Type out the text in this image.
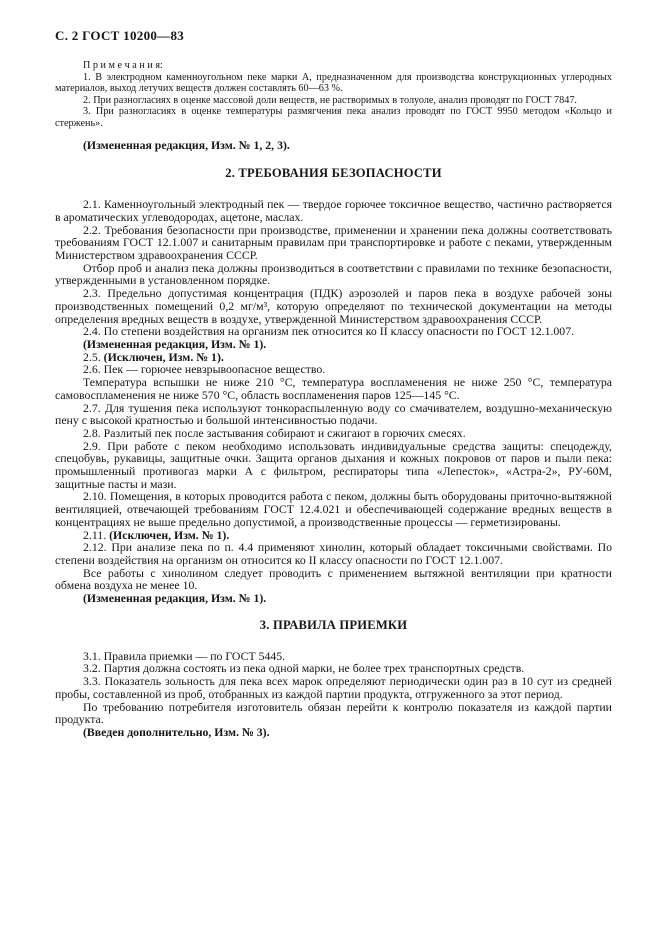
С. 2 ГОСТ 10200—83

П р и м е ч а н и я:

1. В электродном каменноугольном пеке марки А, предназначенном для производства конструкционных углеродных материалов, выход летучих веществ должен составлять 60—63 %.

2. При разногласиях в оценке массовой доли веществ, не растворимых в толуоле, анализ проводят по ГОСТ 7847.

3. При разногласиях в оценке температуры размягчения пека анализ проводят по ГОСТ 9950 методом «Кольцо и стержень».

(Измененная редакция, Изм. № 1, 2, 3).

2. ТРЕБОВАНИЯ БЕЗОПАСНОСТИ

2.1. Каменноугольный электродный пек — твердое горючее токсичное вещество, частично растворяется в ароматических углеводородах, ацетоне, маслах.

2.2. Требования безопасности при производстве, применении и хранении пека должны соответствовать требованиям ГОСТ 12.1.007 и санитарным правилам при транспортировке и работе с пеками, утвержденным Министерством здравоохранения СССР.

Отбор проб и анализ пека должны производиться в соответствии с правилами по технике безопасности, утвержденными в установленном порядке.

2.3. Предельно допустимая концентрация (ПДК) аэрозолей и паров пека в воздухе рабочей зоны производственных помещений 0,2 мг/м³, которую определяют по технической документации на методы определения вредных веществ в воздухе, утвержденной Министерством здравоохранения СССР.

2.4. По степени воздействия на организм пек относится ко II классу опасности по ГОСТ 12.1.007.

(Измененная редакция, Изм. № 1).

2.5. (Исключен, Изм. № 1).

2.6. Пек — горючее невзрывоопасное вещество.

Температура вспышки не ниже 210 °С, температура воспламенения не ниже 250 °С, температура самовоспламенения не ниже 570 °С, область воспламенения паров 125—145 °С.

2.7. Для тушения пека используют тонкораспыленную воду со смачивателем, воздушно-механическую пену с высокой кратностью и большой интенсивностью подачи.

2.8. Разлитый пек после застывания собирают и сжигают в горючих смесях.

2.9. При работе с пеком необходимо использовать индивидуальные средства защиты: спецодежду, спецобувь, рукавицы, защитные очки. Защита органов дыхания и кожных покровов от паров и пыли пека: промышленный противогаз марки А с фильтром, респираторы типа «Лепесток», «Астра-2», РУ-60М, защитные пасты и мази.

2.10. Помещения, в которых проводится работа с пеком, должны быть оборудованы приточно-вытяжной вентиляцией, отвечающей требованиям ГОСТ 12.4.021 и обеспечивающей содержание вредных веществ в концентрациях не выше предельно допустимой, а производственные процессы — герметизированы.

2.11. (Исключен, Изм. № 1).

2.12. При анализе пека по п. 4.4 применяют хинолин, который обладает токсичными свойствами. По степени воздействия на организм он относится ко II классу опасности по ГОСТ 12.1.007.

Все работы с хинолином следует проводить с применением вытяжной вентиляции при кратности обмена воздуха не менее 10.

(Измененная редакция, Изм. № 1).

3. ПРАВИЛА ПРИЕМКИ

3.1. Правила приемки — по ГОСТ 5445.

3.2. Партия должна состоять из пека одной марки, не более трех транспортных средств.

3.3. Показатель зольность для пека всех марок определяют периодически один раз в 10 сут из средней пробы, составленной из проб, отобранных из каждой партии продукта, отгруженного за этот период.

По требованию потребителя изготовитель обязан перейти к контролю показателя из каждой партии продукта.

(Введен дополнительно, Изм. № 3).
